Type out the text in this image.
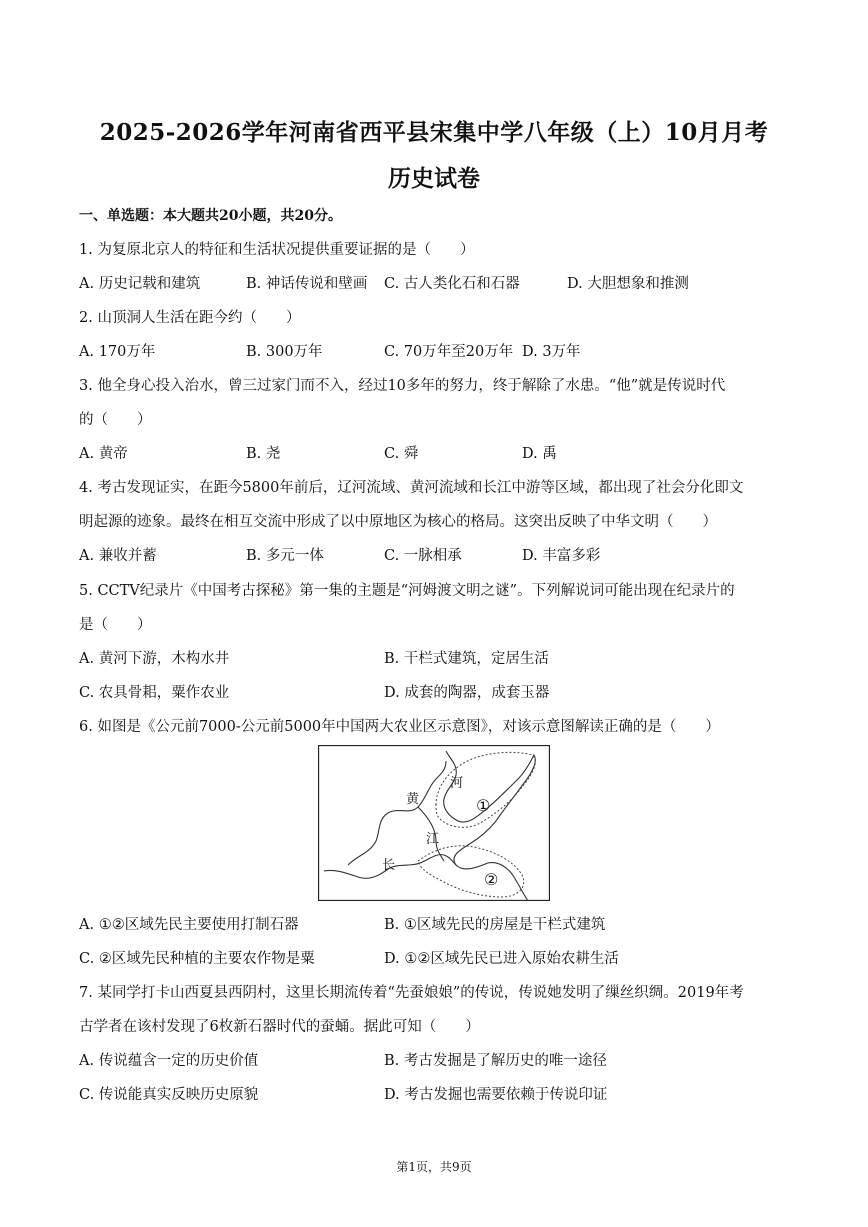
2025-2026学年河南省西平县宋集中学八年级（上）10月月考
历史试卷
一、单选题：本大题共20小题，共20分。
1. 为复原北京人的特征和生活状况提供重要证据的是（　　）
A. 历史记载和建筑	B. 神话传说和壁画 C. 古人类化石和石器	D. 大胆想象和推测
2. 山顶洞人生活在距今约（　　）
A. 170万年	B. 300万年	C. 70万年至20万年 D. 3万年
3. 他全身心投入治水，曾三过家门而不入，经过10多年的努力，终于解除了水患。“他”就是传说时代
的（　　）
A. 黄帝	B. 尧	C. 舜	D. 禹
4. 考古发现证实，在距今5800年前后，辽河流域、黄河流域和长江中游等区域，都出现了社会分化即文
明起源的迹象。最终在相互交流中形成了以中原地区为核心的格局。这突出反映了中华文明（　　）
A. 兼收并蓄	B. 多元一体	C. 一脉相承	D. 丰富多彩
5. CCTV纪录片《中国考古探秘》第一集的主题是“河姆渡文明之谜”。下列解说词可能出现在纪录片的
是（　　）
A. 黄河下游，木构水井	B. 干栏式建筑，定居生活
C. 农具骨耜，粟作农业	D. 成套的陶器，成套玉器
6. 如图是《公元前7000-公元前5000年中国两大农业区示意图》，对该示意图解读正确的是（　　）
黄
河
长
江
①
②
A. ①②区域先民主要使用打制石器	B. ①区域先民的房屋是干栏式建筑
C. ②区域先民种植的主要农作物是粟	D. ①②区域先民已进入原始农耕生活
7. 某同学打卡山西夏县西阴村，这里长期流传着“先蚕娘娘”的传说，传说她发明了缫丝织绸。2019年考
古学者在该村发现了6枚新石器时代的蚕蛹。据此可知（　　）
A. 传说蕴含一定的历史价值	B. 考古发掘是了解历史的唯一途径
C. 传说能真实反映历史原貌	D. 考古发掘也需要依赖于传说印证
第1页，共9页
